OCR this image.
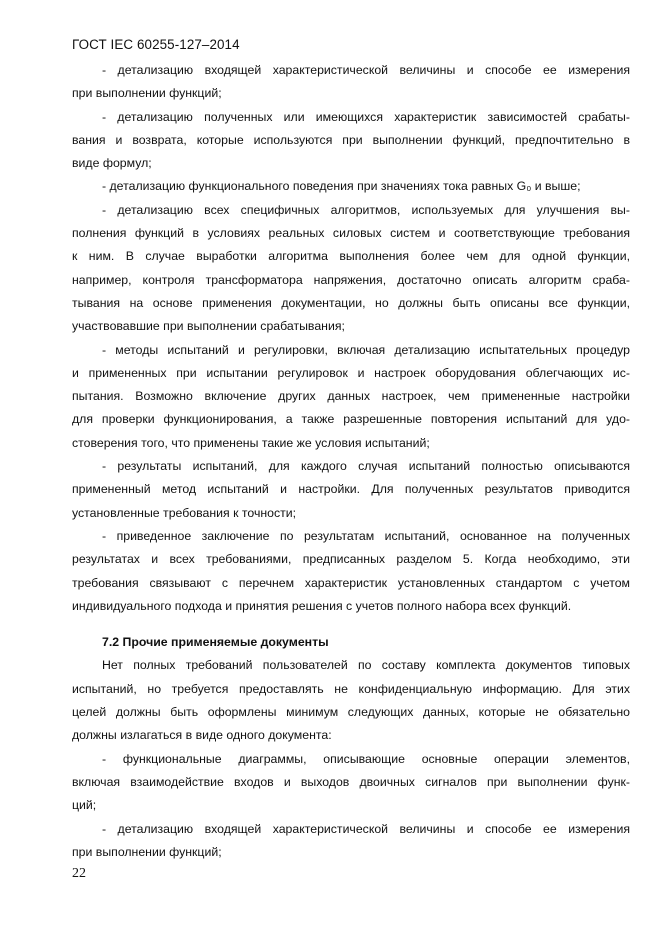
ГОСТ IEC 60255-127–2014
- детализацию входящей характеристической величины и способе ее измерения
при выполнении функций;
- детализацию полученных или имеющихся характеристик зависимостей срабаты-
вания и возврата, которые используются при выполнении функций, предпочтительно в
виде формул;
- детализацию функционального поведения при значениях тока равных G₀ и выше;
- детализацию всех специфичных алгоритмов, используемых для улучшения вы-
полнения функций в условиях реальных силовых систем и соответствующие требования
к ним. В случае выработки алгоритма выполнения более чем для одной функции,
например, контроля трансформатора напряжения, достаточно описать алгоритм сраба-
тывания на основе применения документации, но должны быть описаны все функции,
участвовавшие при выполнении срабатывания;
- методы испытаний и регулировки, включая детализацию испытательных процедур
и примененных при испытании регулировок и настроек оборудования облегчающих ис-
пытания. Возможно включение других данных настроек, чем примененные настройки
для проверки функционирования, а также разрешенные повторения испытаний для удо-
стоверения того, что применены такие же условия испытаний;
- результаты испытаний, для каждого случая испытаний полностью описываются
примененный метод испытаний и настройки. Для полученных результатов приводится
установленные требования к точности;
- приведенное заключение по результатам испытаний, основанное на полученных
результатах и всех требованиями, предписанных разделом 5. Когда необходимо, эти
требования связывают с перечнем характеристик установленных стандартом с учетом
индивидуального подхода и принятия решения с учетов полного набора всех функций.
7.2 Прочие применяемые документы
Нет полных требований пользователей по составу комплекта документов типовых
испытаний, но требуется предоставлять не конфиденциальную информацию. Для этих
целей должны быть оформлены минимум следующих данных, которые не обязательно
должны излагаться в виде одного документа:
- функциональные диаграммы, описывающие основные операции элементов,
включая взаимодействие входов и выходов двоичных сигналов при выполнении функ-
ций;
- детализацию входящей характеристической величины и способе ее измерения
при выполнении функций;
22
